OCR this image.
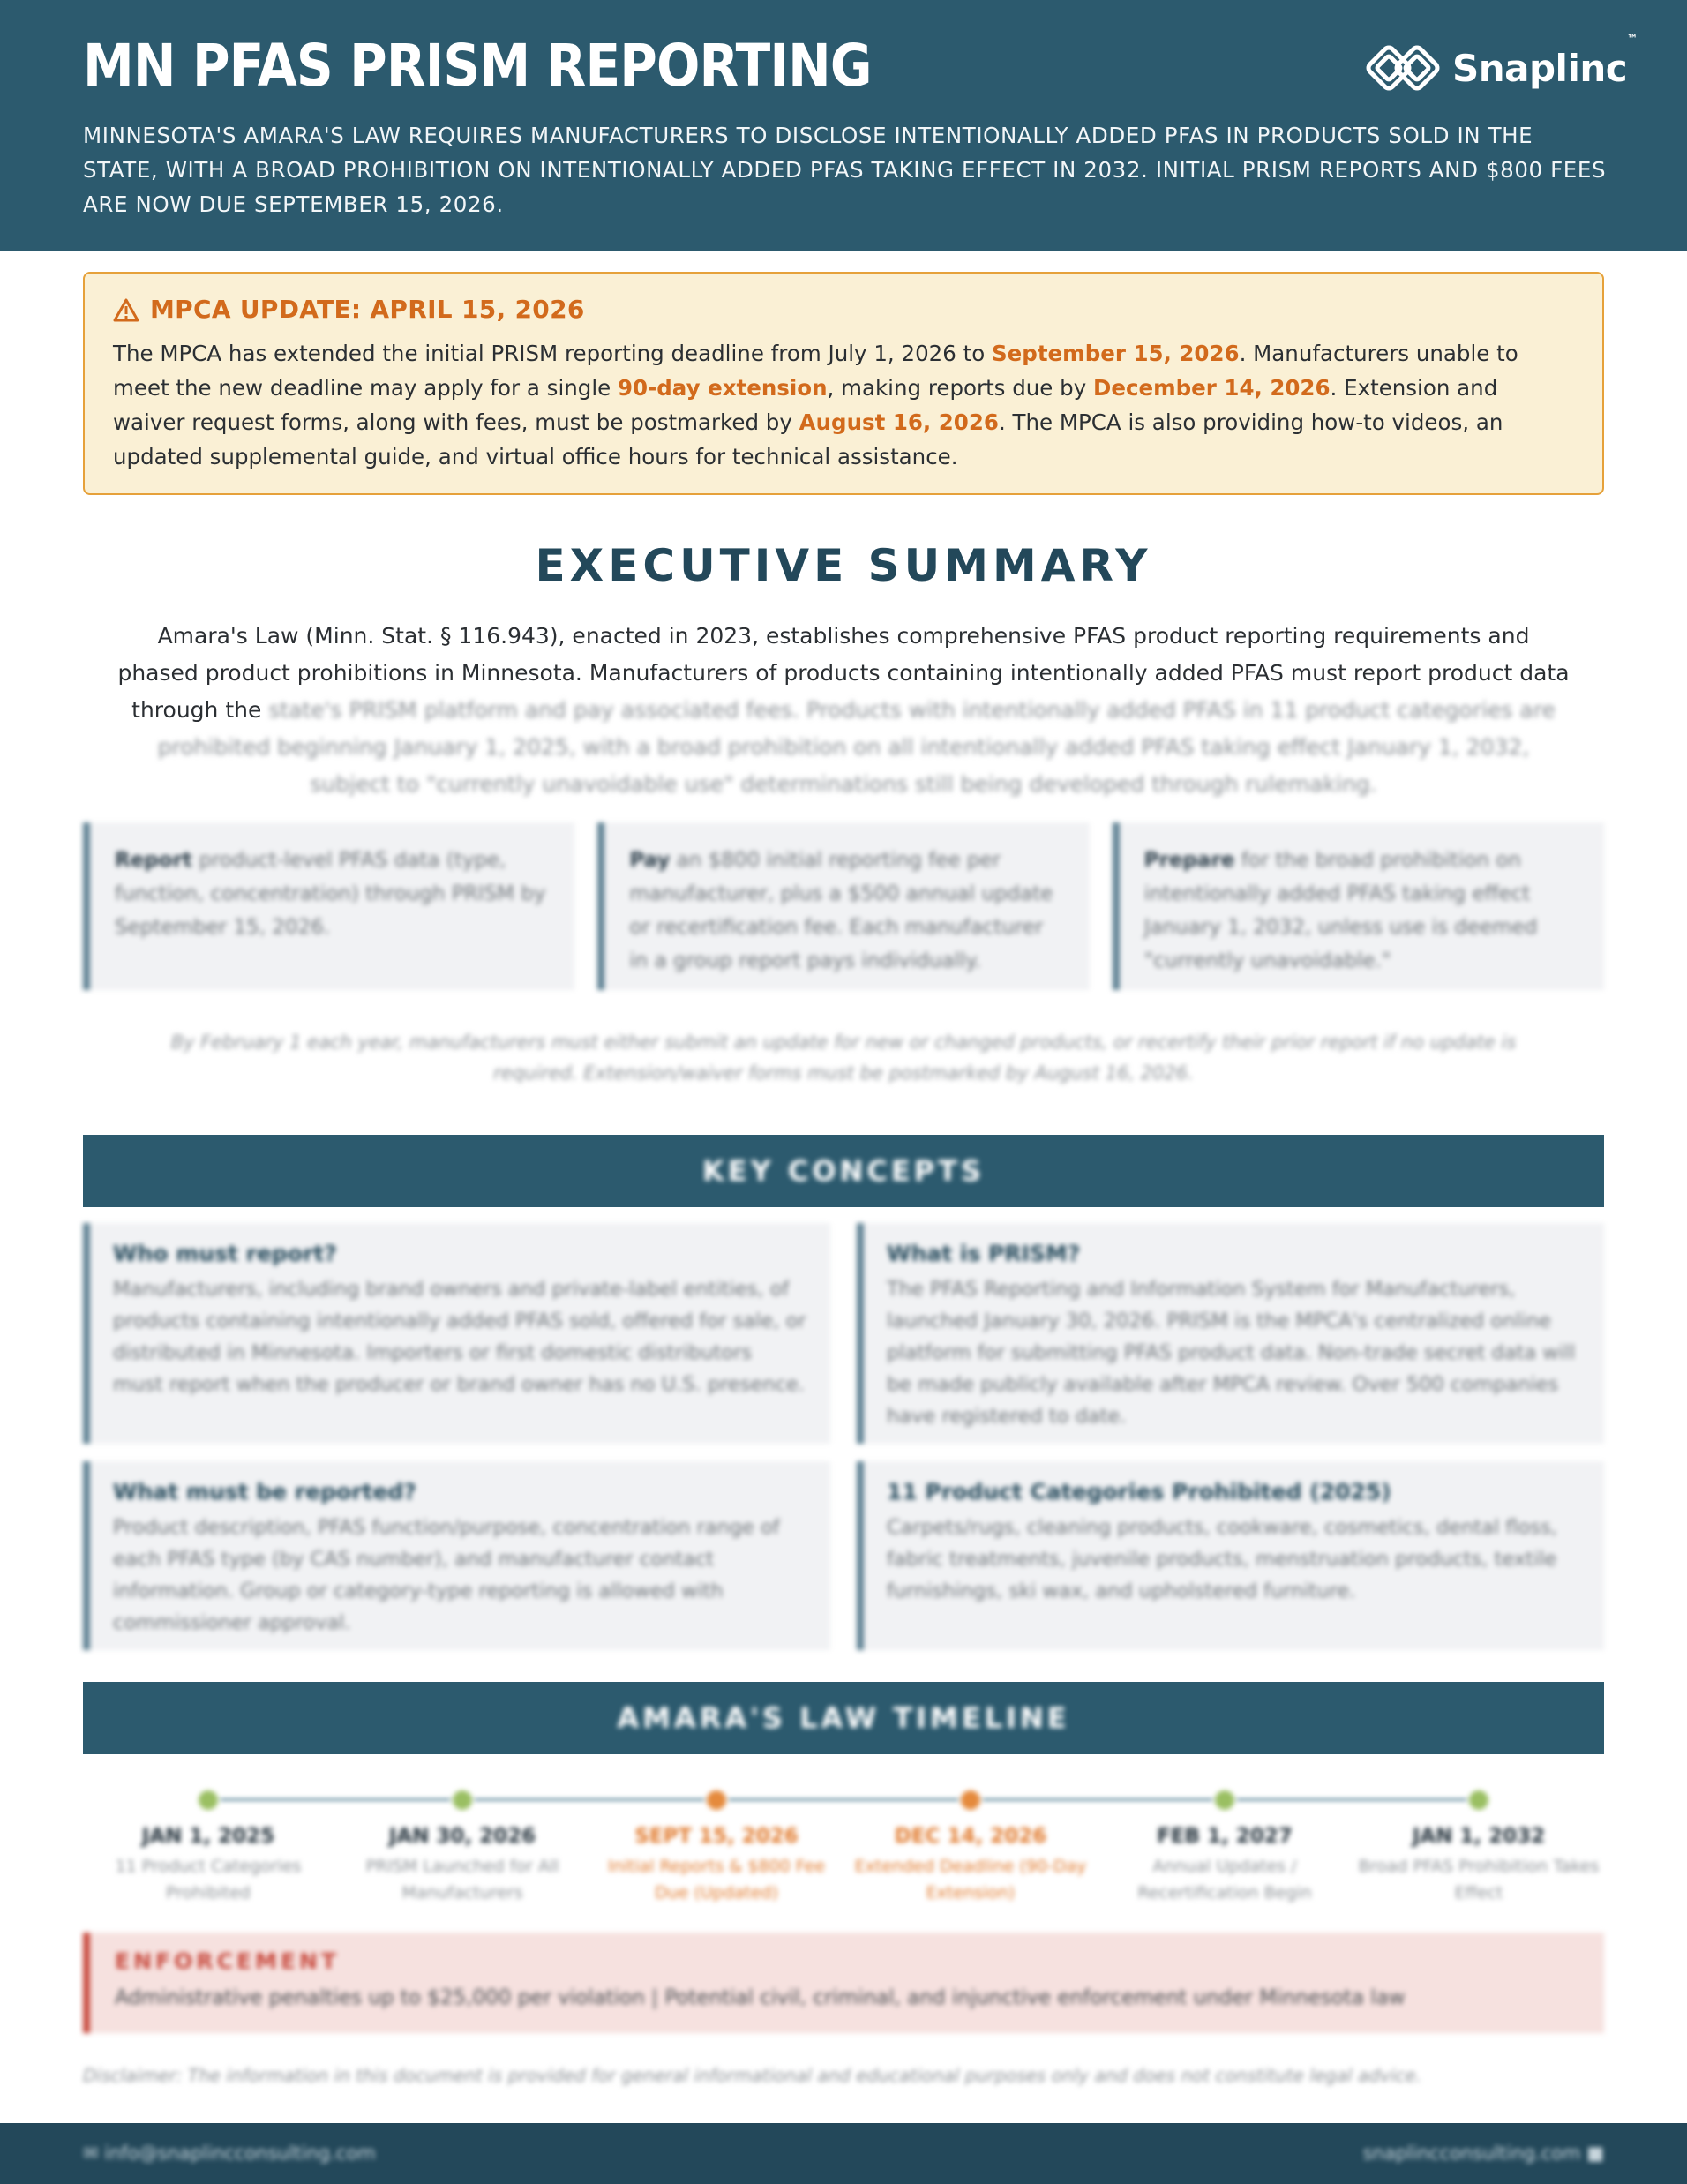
MN PFAS PRISM REPORTING	Snaplinc™
MINNESOTA'S AMARA'S LAW REQUIRES MANUFACTURERS TO DISCLOSE INTENTIONALLY ADDED PFAS IN PRODUCTS SOLD IN THE STATE, WITH A BROAD PROHIBITION ON INTENTIONALLY ADDED PFAS TAKING EFFECT IN 2032. INITIAL PRISM REPORTS AND $800 FEES ARE NOW DUE SEPTEMBER 15, 2026.
MPCA UPDATE: APRIL 15, 2026
The MPCA has extended the initial PRISM reporting deadline from July 1, 2026 to September 15, 2026. Manufacturers unable to meet the new deadline may apply for a single 90-day extension, making reports due by December 14, 2026. Extension and waiver request forms, along with fees, must be postmarked by August 16, 2026. The MPCA is also providing how-to videos, an updated supplemental guide, and virtual office hours for technical assistance.
EXECUTIVE SUMMARY
Amara's Law (Minn. Stat. § 116.943), enacted in 2023, establishes comprehensive PFAS product reporting requirements and phased product prohibitions in Minnesota. Manufacturers of products containing intentionally added PFAS must report product data through the state's PRISM platform and pay associated fees. Products with intentionally added PFAS in 11 product categories are prohibited beginning January 1, 2025, with a broad prohibition on all intentionally added PFAS taking effect January 1, 2032, subject to "currently unavoidable use" determinations still being developed through rulemaking.
Report product-level PFAS data (type, function, concentration) through PRISM by September 15, 2026.
Pay an $800 initial reporting fee per manufacturer, plus a $500 annual update or recertification fee. Each manufacturer in a group report pays individually.
Prepare for the broad prohibition on intentionally added PFAS taking effect January 1, 2032, unless use is deemed "currently unavoidable."
By February 1 each year, manufacturers must either submit an update for new or changed products, or recertify their prior report if no update is required. Extension/waiver forms must be postmarked by August 16, 2026.
KEY CONCEPTS
Who must report?

Manufacturers, including brand owners and private-label entities, of products containing intentionally added PFAS sold, offered for sale, or distributed in Minnesota. Importers or first domestic distributors must report when the producer or brand owner has no U.S. presence.

What is PRISM?

The PFAS Reporting and Information System for Manufacturers, launched January 30, 2026. PRISM is the MPCA's centralized online platform for submitting PFAS product data. Non-trade secret data will be made publicly available after MPCA review. Over 500 companies have registered to date.

What must be reported?

Product description, PFAS function/purpose, concentration range of each PFAS type (by CAS number), and manufacturer contact information. Group or category-type reporting is allowed with commissioner approval.

11 Product Categories Prohibited (2025)

Carpets/rugs, cleaning products, cookware, cosmetics, dental floss, fabric treatments, juvenile products, menstruation products, textile furnishings, ski wax, and upholstered furniture.

AMARA'S LAW TIMELINE
JAN 1, 2025
11 Product Categories Prohibited
JAN 30, 2026
PRISM Launched for All Manufacturers
SEPT 15, 2026
Initial Reports & $800 Fee Due (Updated)
DEC 14, 2026
Extended Deadline (90-Day Extension)
FEB 1, 2027
Annual Updates / Recertification Begin
JAN 1, 2032
Broad PFAS Prohibition Takes Effect
ENFORCEMENT

Administrative penalties up to $25,000 per violation | Potential civil, criminal, and injunctive enforcement under Minnesota law

Disclaimer: The information in this document is provided for general informational and educational purposes only and does not constitute legal advice.
✉ info@snaplincconsulting.com	snaplincconsulting.com ■
